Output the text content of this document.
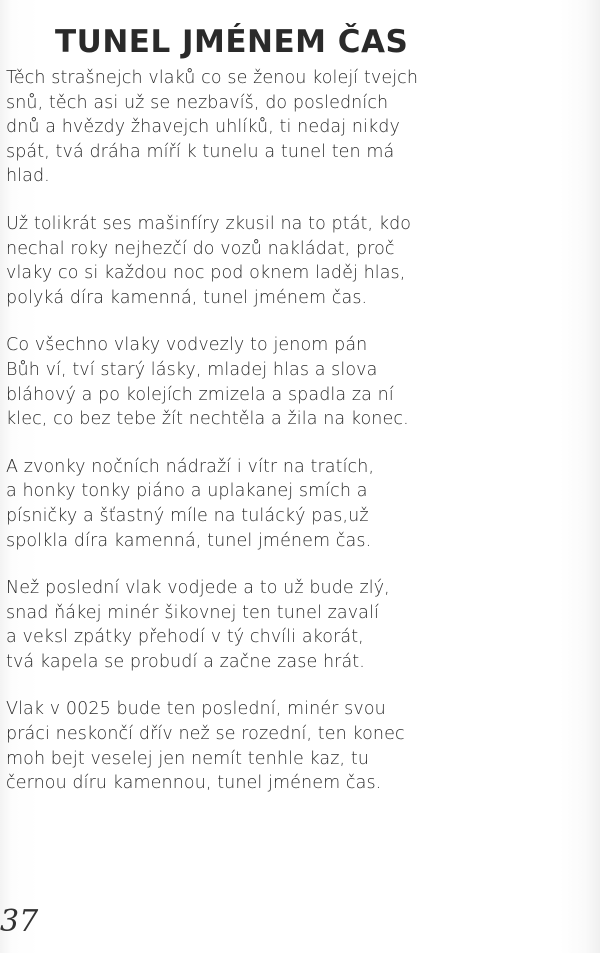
TUNEL JMÉNEM ČAS
Těch strašnejch vlaků co se ženou kolejí tvejch
snů, těch asi už se nezbavíš, do posledních
dnů a hvězdy žhavejch uhlíků, ti nedaj nikdy
spát, tvá dráha míří k tunelu a tunel ten má
hlad.
Už tolikrát ses mašinfíry zkusil na to ptát, kdo
nechal roky nejhezčí do vozů nakládat, proč
vlaky co si každou noc pod oknem laděj hlas,
polyká díra kamenná, tunel jménem čas.
Co všechno vlaky vodvezly to jenom pán
Bůh ví, tví starý lásky, mladej hlas a slova
bláhový a po kolejích zmizela a spadla za ní
klec, co bez tebe žít nechtěla a žila na konec.
A zvonky nočních nádraží i vítr na tratích,
a honky tonky piáno a uplakanej smích a
písničky a šťastný míle na tulácký pas,už
spolkla díra kamenná, tunel jménem čas.
Než poslední vlak vodjede a to už bude zlý,
snad ňákej minér šikovnej ten tunel zavalí
a veksl zpátky přehodí v tý chvíli akorát,
tvá kapela se probudí a začne zase hrát.
Vlak v 0025 bude ten poslední, minér svou
práci neskončí dřív než se rozední, ten konec
moh bejt veselej jen nemít tenhle kaz, tu
černou díru kamennou, tunel jménem čas.
37
